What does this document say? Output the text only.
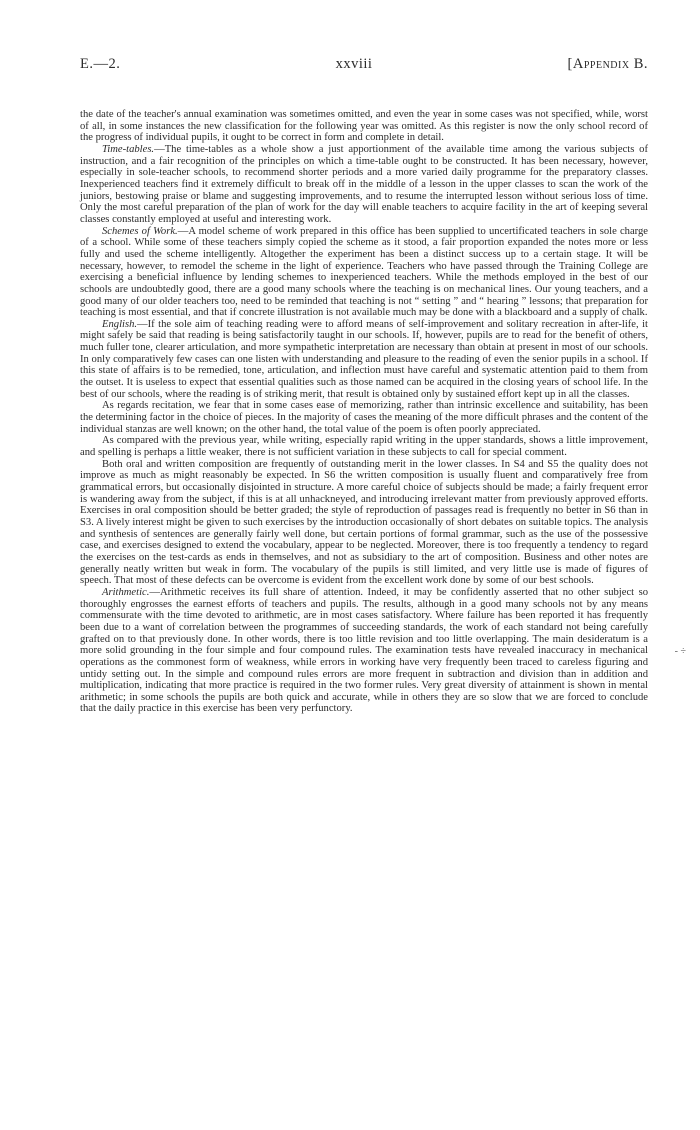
E.—2.	xxviii	[Appendix B.

the date of the teacher's annual examination was sometimes omitted, and even the year in some cases was not specified, while, worst of all, in some instances the new classification for the following year was omitted. As this register is now the only school record of the progress of individual pupils, it ought to be correct in form and complete in detail.

Time-tables.—The time-tables as a whole show a just apportionment of the available time among the various subjects of instruction, and a fair recognition of the principles on which a time-table ought to be constructed. It has been necessary, however, especially in sole-teacher schools, to recommend shorter periods and a more varied daily programme for the preparatory classes. Inexperienced teachers find it extremely difficult to break off in the middle of a lesson in the upper classes to scan the work of the juniors, bestowing praise or blame and suggesting improvements, and to resume the interrupted lesson without serious loss of time. Only the most careful preparation of the plan of work for the day will enable teachers to acquire facility in the art of keeping several classes constantly employed at useful and interesting work.

Schemes of Work.—A model scheme of work prepared in this office has been supplied to uncertificated teachers in sole charge of a school. While some of these teachers simply copied the scheme as it stood, a fair proportion expanded the notes more or less fully and used the scheme intelligently. Altogether the experiment has been a distinct success up to a certain stage. It will be necessary, however, to remodel the scheme in the light of experience. Teachers who have passed through the Training College are exercising a beneficial influence by lending schemes to inexperienced teachers. While the methods employed in the best of our schools are undoubtedly good, there are a good many schools where the teaching is on mechanical lines. Our young teachers, and a good many of our older teachers too, need to be reminded that teaching is not “ setting ” and “ hearing ” lessons; that preparation for teaching is most essential, and that if concrete illustration is not available much may be done with a blackboard and a supply of chalk.

English.—If the sole aim of teaching reading were to afford means of self-improvement and solitary recreation in after-life, it might safely be said that reading is being satisfactorily taught in our schools. If, however, pupils are to read for the benefit of others, much fuller tone, clearer articulation, and more sympathetic interpretation are necessary than obtain at present in most of our schools. In only comparatively few cases can one listen with understanding and pleasure to the reading of even the senior pupils in a school. If this state of affairs is to be remedied, tone, articulation, and inflection must have careful and systematic attention paid to them from the outset. It is useless to expect that essential qualities such as those named can be acquired in the closing years of school life. In the best of our schools, where the reading is of striking merit, that result is obtained only by sustained effort kept up in all the classes.

As regards recitation, we fear that in some cases ease of memorizing, rather than intrinsic excellence and suitability, has been the determining factor in the choice of pieces. In the majority of cases the meaning of the more difficult phrases and the content of the individual stanzas are well known; on the other hand, the total value of the poem is often poorly appreciated.

As compared with the previous year, while writing, especially rapid writing in the upper standards, shows a little improvement, and spelling is perhaps a little weaker, there is not sufficient variation in these subjects to call for special comment.

Both oral and written composition are frequently of outstanding merit in the lower classes. In S4 and S5 the quality does not improve as much as might reasonably be expected. In S6 the written composition is usually fluent and comparatively free from grammatical errors, but occasionally disjointed in structure. A more careful choice of subjects should be made; a fairly frequent error is wandering away from the subject, if this is at all unhackneyed, and introducing irrelevant matter from previously approved efforts. Exercises in oral composition should be better graded; the style of reproduction of passages read is frequently no better in S6 than in S3. A lively interest might be given to such exercises by the introduction occasionally of short debates on suitable topics. The analysis and synthesis of sentences are generally fairly well done, but certain portions of formal grammar, such as the use of the possessive case, and exercises designed to extend the vocabulary, appear to be neglected. Moreover, there is too frequently a tendency to regard the exercises on the test-cards as ends in themselves, and not as subsidiary to the art of composition. Business and other notes are generally neatly written but weak in form. The vocabulary of the pupils is still limited, and very little use is made of figures of speech. That most of these defects can be overcome is evident from the excellent work done by some of our best schools.

Arithmetic.—Arithmetic receives its full share of attention. Indeed, it may be confidently asserted that no other subject so thoroughly engrosses the earnest efforts of teachers and pupils. The results, although in a good many schools not by any means commensurate with the time devoted to arithmetic, are in most cases satisfactory. Where failure has been reported it has frequently been due to a want of correlation between the programmes of succeeding standards, the work of each standard not being carefully grafted on to that previously done. In other words, there is too little revision and too little overlapping. The main desideratum is a more solid grounding in the four simple and four compound rules. The examination tests have revealed inaccuracy in mechanical operations as the commonest form of weakness, while errors in working have very frequently been traced to careless figuring and untidy setting out. In the simple and compound rules errors are more frequent in subtraction and division than in addition and multiplication, indicating that more practice is required in the two former rules. Very great diversity of attainment is shown in mental arithmetic; in some schools the pupils are both quick and accurate, while in others they are so slow that we are forced to conclude that the daily practice in this exercise has been very perfunctory.

- ÷
